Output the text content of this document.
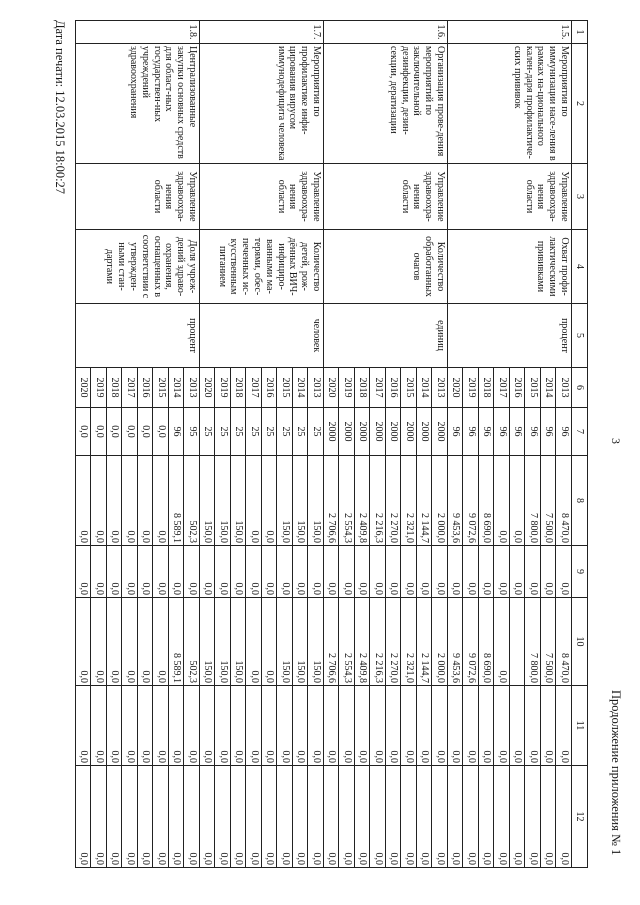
3
Продолжение приложения № 1
1	2	3	4	5	6	7	8	9	10	11	12
1.5.	Мероприятия по иммунизации насе-ления в рамках на-ционального кален-даря профилактиче-ских прививок	Управление здравоохра-нения области	Охват профи-лактическими прививками	процент	2013	96	8 470,0	0,0	8 470,0	0,0	0,0
					2014	96	7 500,0	0,0	7 500,0	0,0	0,0
					2015	96	7 800,0	0,0	7 800,0	0,0	0,0
					2016	96	0,0	0,0		0,0	0,0
					2017	96	0,0	0,0	0,0	0,0	0,0
					2018	96	8 690,0	0,0	8 690,0	0,0	0,0
					2019	96	9 072,6	0,0	9 072,6	0,0	0,0
					2020	96	9 453,6	0,0	9 453,6	0,0	0,0
1.6.	Организация прове-дения мероприятий по заключительной дезинфекции, дезин-секции, дератизации	Управление здравоохра-нения области	Количество обработанных очагов	единиц	2013	2000	2 000,0	0,0	2 000,0	0,0	0,0
					2014	2000	2 144,7	0,0	2 144,7	0,0	0,0
					2015	2000	2 321,0	0,0	2 321,0	0,0	0,0
					2016	2000	2 270,0	0,0	2 270,0	0,0	0,0
					2017	2000	2 216,3	0,0	2 216,3	0,0	0,0
					2018	2000	2 409,8	0,0	2 409,8	0,0	0,0
					2019	2000	2 554,3	0,0	2 554,3	0,0	0,0
					2020	2000	2 706,6	0,0	2 706,6	0,0	0,0
1.7.	Мероприятия по профилактике инфи-цирования вирусом иммунодефицита человека	Управление здравоохра-нения области	Количество детей, рож-дённых ВИЧ-инфициро-ванными ма-терями, обес-печенных ис-кусственным питанием	человек	2013	25	150,0	0,0	150,0	0,0	0,0
					2014	25	150,0	0,0	150,0	0,0	0,0
					2015	25	150,0	0,0	150,0	0,0	0,0
					2016	25	0,0	0,0	0,0	0,0	0,0
					2017	25	0,0	0,0	0,0	0,0	0,0
					2018	25	150,0	0,0	150,0	0,0	0,0
					2019	25	150,0	0,0	150,0	0,0	0,0
					2020	25	150,0	0,0	150,0	0,0	0,0
1.8.	Централизованные закупки основных средств для област-ных государствен-ных учреждений здравоохранения	Управление здравоохра-нения области	Доля учреж-дений здраво-охранения, оснащенных в соответствии с утвержден-ными стан-дартами	процент	2013	95	502,3	0,0	502,3	0,0	0,0
					2014	96	8 589,1	0,0	8 589,1	0,0	0,0
					2015	0,0	0,0	0,0	0,0	0,0	0,0
					2016	0,0	0,0	0,0	0,0	0,0	0,0
					2017	0,0	0,0	0,0	0,0	0,0	0,0
					2018	0,0	0,0	0,0	0,0	0,0	0,0
					2019	0,0	0,0	0,0	0,0	0,0	0,0
					2020	0,0	0,0	0,0	0,0	0,0	0,0
Дата печати: 12.03.2015 18:00:27
